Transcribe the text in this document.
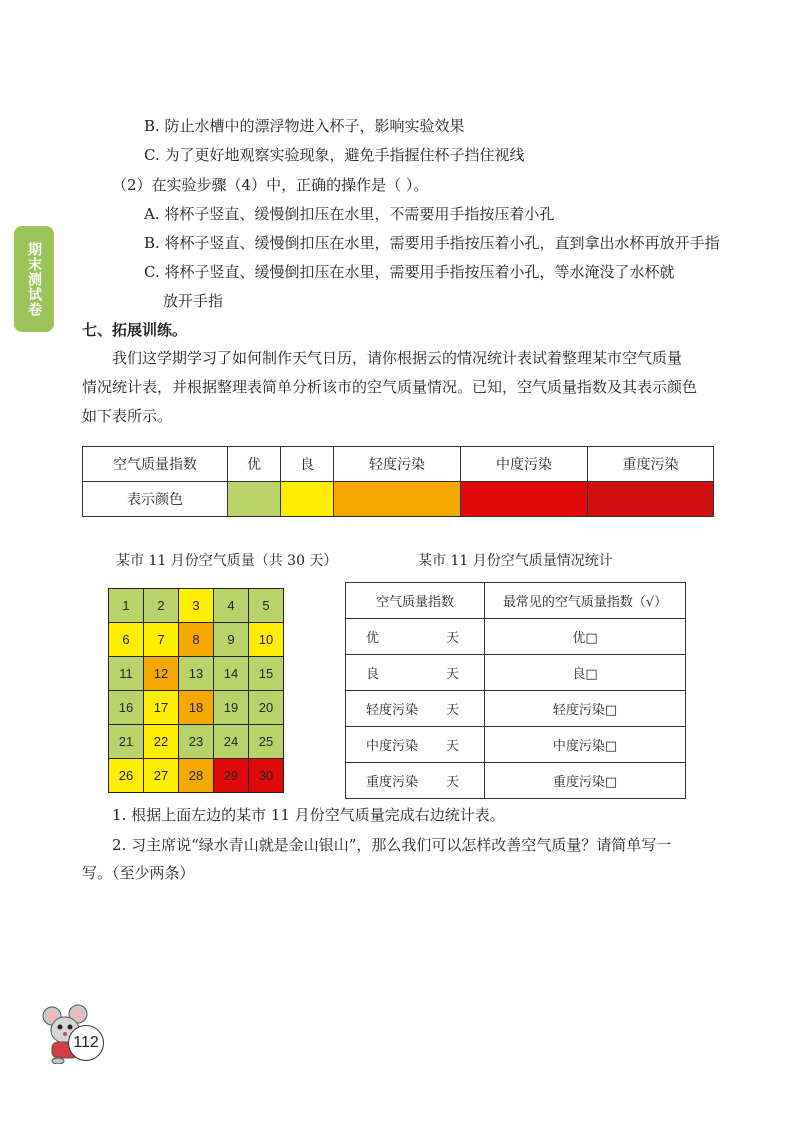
期末测试卷
B. 防止水槽中的漂浮物进入杯子，影响实验效果
C. 为了更好地观察实验现象，避免手指握住杯子挡住视线
（2）在实验步骤（4）中，正确的操作是（ ）。
A. 将杯子竖直、缓慢倒扣压在水里，不需要用手指按压着小孔
B. 将杯子竖直、缓慢倒扣压在水里，需要用手指按压着小孔，直到拿出水杯再放开手指
C. 将杯子竖直、缓慢倒扣压在水里，需要用手指按压着小孔，等水淹没了水杯就
放开手指
七、拓展训练。
我们这学期学习了如何制作天气日历，请你根据云的情况统计表试着整理某市空气质量
情况统计表，并根据整理表简单分析该市的空气质量情况。已知，空气质量指数及其表示颜色
如下表所示。
空气质量指数	优	良	轻度污染	中度污染	重度污染
表示颜色					
某市 11 月份空气质量（共 30 天）	某市 11 月份空气质量情况统计
1	2	3	4	5
6	7	8	9	10
11	12	13	14	15
16	17	18	19	20
21	22	23	24	25
26	27	28	29	30
空气质量指数	最常见的空气质量指数（√）
优 天	优□
良 天	良□
轻度污染 天	轻度污染□
中度污染 天	中度污染□
重度污染 天	重度污染□
1. 根据上面左边的某市 11 月份空气质量完成右边统计表。
2. 习主席说“绿水青山就是金山银山”，那么我们可以怎样改善空气质量？请简单写一
写。（至少两条）
112
